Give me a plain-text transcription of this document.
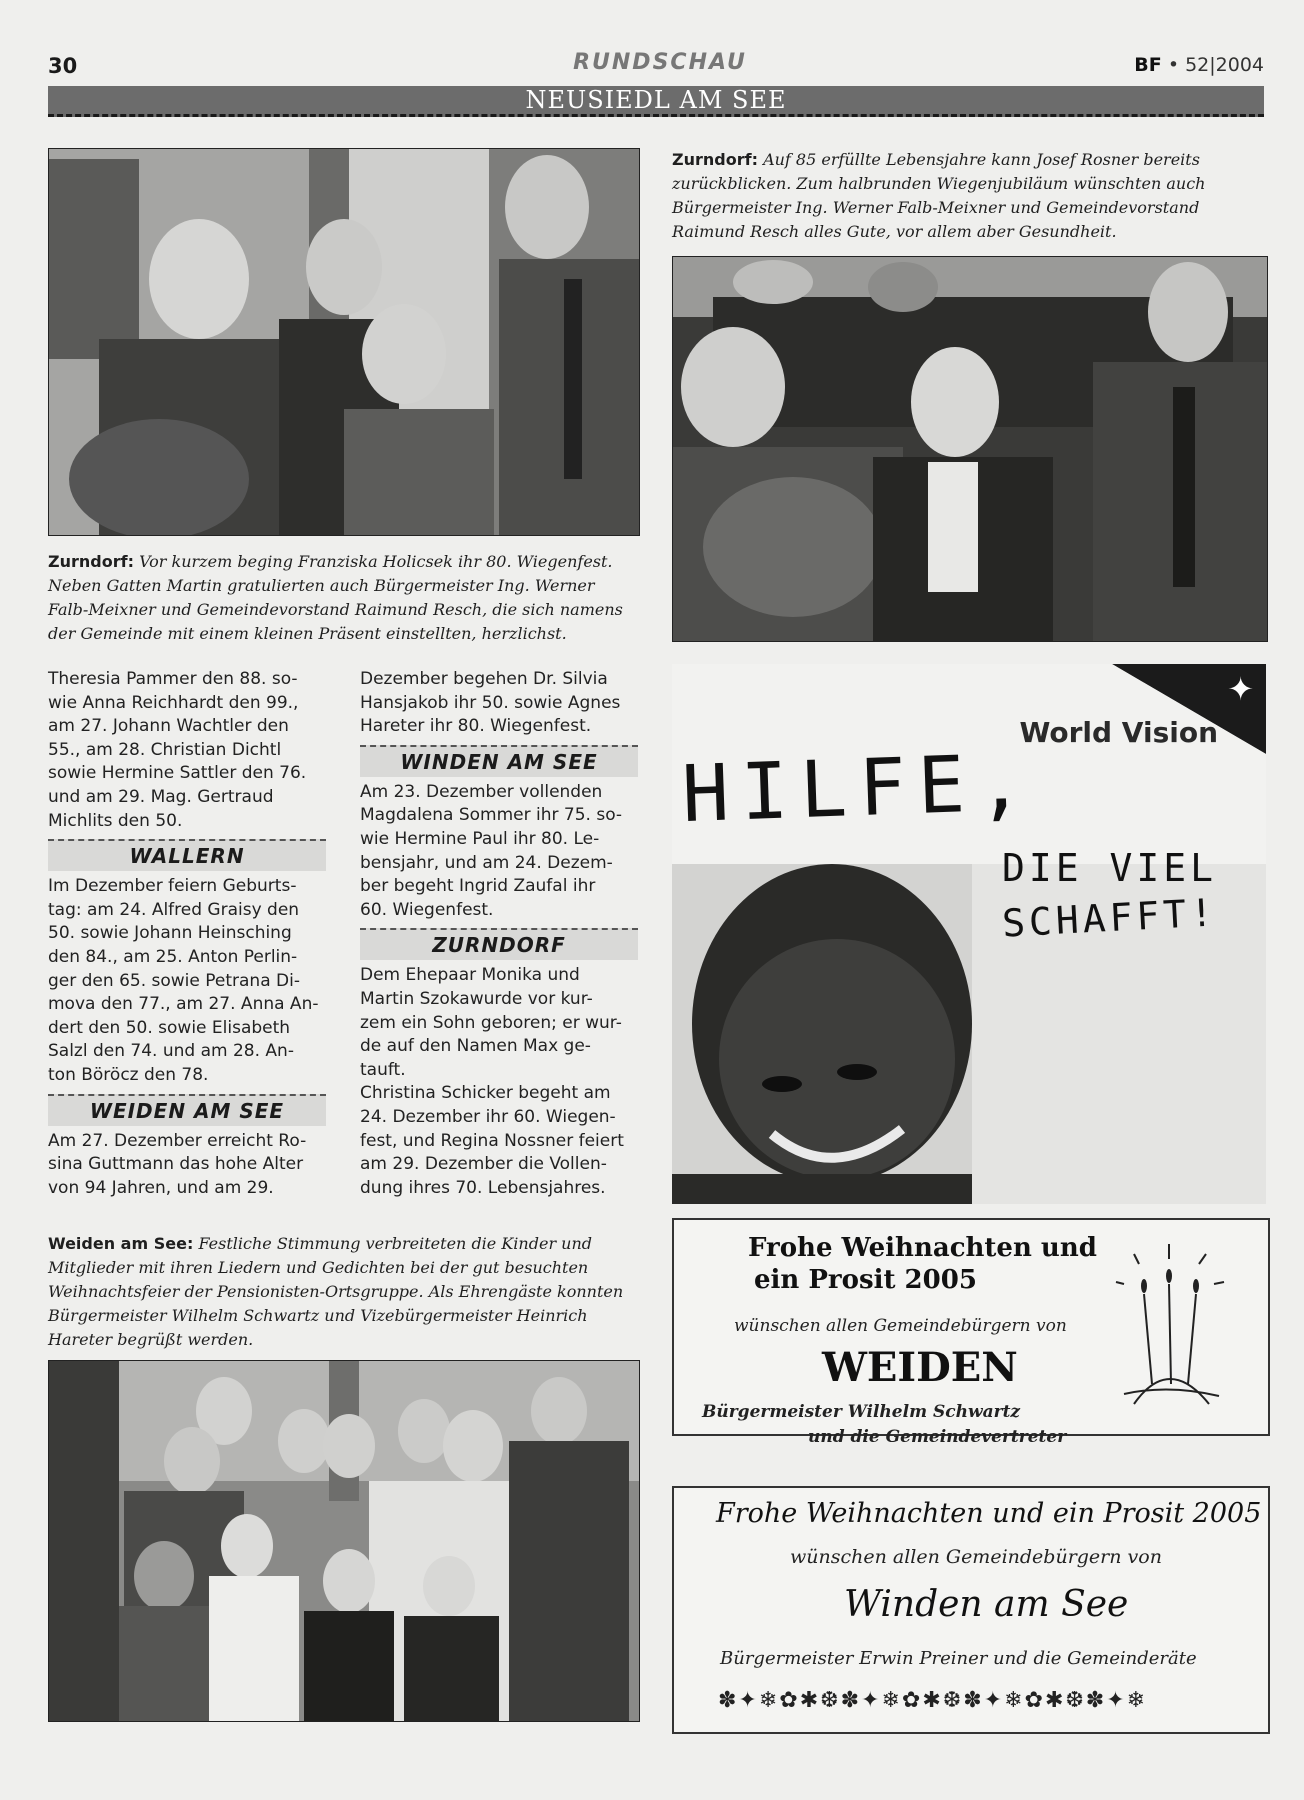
30	RUNDSCHAU	BF • 52|2004
NEUSIEDL AM SEE
Zurndorf: Vor kurzem beging Franziska Holicsek ihr 80. Wiegenfest. Neben Gatten Martin gratulierten auch Bürgermeister Ing. Werner Falb-Meixner und Gemeindevorstand Raimund Resch, die sich namens der Gemeinde mit einem kleinen Präsent einstellten, herzlichst.
Zurndorf: Auf 85 erfüllte Lebensjahre kann Josef Rosner bereits zurückblicken. Zum halbrunden Wiegenjubiläum wünschten auch Bürgermeister Ing. Werner Falb-Meixner und Gemeindevorstand Raimund Resch alles Gute, vor allem aber Gesundheit.
Theresia Pammer den 88. so-
wie Anna Reichhardt den 99.,
am 27. Johann Wachtler den
55., am 28. Christian Dichtl
sowie Hermine Sattler den 76.
und am 29. Mag. Gertraud
Michlits den 50.
WALLERN
Im Dezember feiern Geburts-
tag: am 24. Alfred Graisy den
50. sowie Johann Heinsching
den 84., am 25. Anton Perlin-
ger den 65. sowie Petrana Di-
mova den 77., am 27. Anna An-
dert den 50. sowie Elisabeth
Salzl den 74. und am 28. An-
ton Böröcz den 78.
WEIDEN AM SEE
Am 27. Dezember erreicht Ro-
sina Guttmann das hohe Alter
von 94 Jahren, und am 29.
Dezember begehen Dr. Silvia
Hansjakob ihr 50. sowie Agnes
Hareter ihr 80. Wiegenfest.
WINDEN AM SEE
Am 23. Dezember vollenden
Magdalena Sommer ihr 75. so-
wie Hermine Paul ihr 80. Le-
bensjahr, und am 24. Dezem-
ber begeht Ingrid Zaufal ihr
60. Wiegenfest.
ZURNDORF
Dem Ehepaar Monika und
Martin Szokawurde vor kur-
zem ein Sohn geboren; er wur-
de auf den Namen Max ge-
tauft.
Christina Schicker begeht am
24. Dezember ihr 60. Wiegen-
fest, und Regina Nossner feiert
am 29. Dezember die Vollen-
dung ihres 70. Lebensjahres.
Weiden am See: Festliche Stimmung verbreiteten die Kinder und Mitglieder mit ihren Liedern und Gedichten bei der gut besuchten Weihnachtsfeier der Pensionisten-Ortsgruppe. Als Ehrengäste konnten Bürgermeister Wilhelm Schwartz und Vizebürgermeister Heinrich Hareter begrüßt werden.
✦
World Vision
HILFE,
DIE VIEL
SCHAFFT!
Frohe Weihnachten und
ein Prosit 2005
wünschen allen Gemeindebürgern von
WEIDEN
Bürgermeister Wilhelm Schwartz
und die Gemeindevertreter
Frohe Weihnachten und ein Prosit 2005
wünschen allen Gemeindebürgern von
Winden am See
Bürgermeister Erwin Preiner und die Gemeinderäte
✽✦❄✿✱❆✽✦❄✿✱❆✽✦❄✿✱❆✽✦❄
